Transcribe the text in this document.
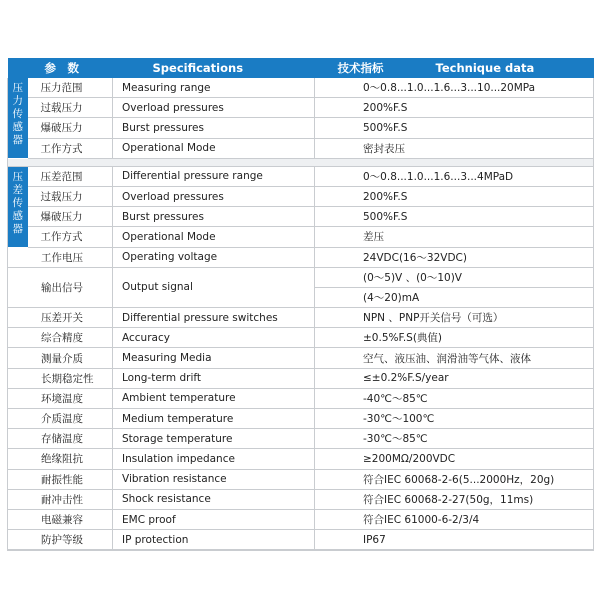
参　数		Specifications	技术指标 Technique data

压
力
传
感
器	压力范围	Measuring range	0～0.8...1.0...1.6...3...10...20MPa
	过载压力	Overload pressures	200%F.S
	爆破压力	Burst pressures	500%F.S
	工作方式	Operational Mode	密封表压

压
差
传
感
器	压差范围	Differential pressure range	0～0.8...1.0...1.6...3...4MPaD
	过载压力	Overload pressures	200%F.S
	爆破压力	Burst pressures	500%F.S
	工作方式	Operational Mode	差压
工作电压		Operating voltage	24VDC(16～32VDC)
输出信号		Output signal	(0～5)V 、(0～10)V
			(4～20)mA
压差开关		Differential pressure switches	NPN 、PNP开关信号（可选）
综合精度		Accuracy	±0.5%F.S(典值)
测量介质		Measuring Media	空气、液压油、润滑油等气体、液体
长期稳定性		Long-term drift	≤±0.2%F.S/year
环境温度		Ambient temperature	-40℃～85℃
介质温度		Medium temperature	-30℃～100℃
存储温度		Storage temperature	-30℃～85℃
绝缘阻抗		Insulation impedance	≥200MΩ/200VDC
耐振性能		Vibration resistance	符合IEC 60068-2-6(5...2000Hz，20g)
耐冲击性		Shock resistance	符合IEC 60068-2-27(50g，11ms)
电磁兼容		EMC proof	符合IEC 61000-6-2/3/4
防护等级		IP protection	IP67
